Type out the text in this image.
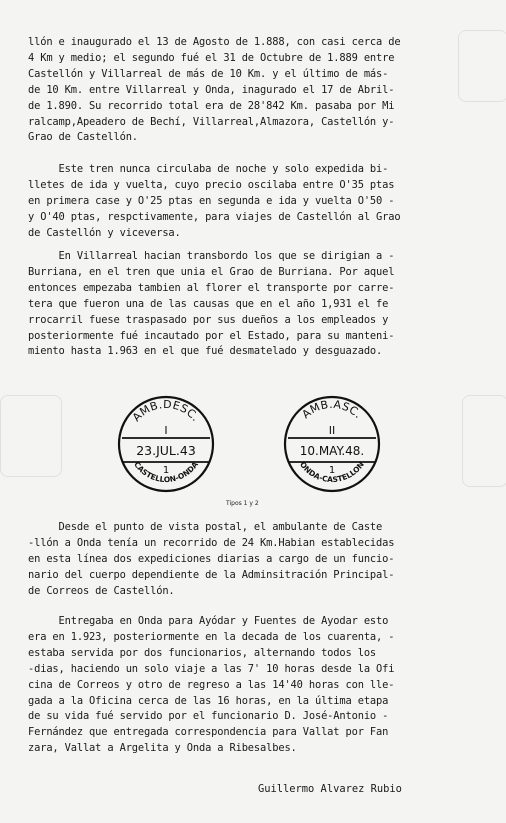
llón e inaugurado el 13 de Agosto de 1.888, con casi cerca de
4 Km y medio; el segundo fué el 31 de Octubre de 1.889 entre
Castellón y Villarreal de más de 10 Km. y el último de más-
de 10 Km. entre Villarreal y Onda, inagurado el 17 de Abril-
de 1.890. Su recorrido total era de 28'842 Km. pasaba por Mi
ralcamp,Apeadero de Bechí, Villarreal,Almazora, Castellón y-
Grao de Castellón.
Este tren nunca circulaba de noche y solo expedida bi-
lletes de ida y vuelta, cuyo precio oscilaba entre O'35 ptas
en primera case y O'25 ptas en segunda e ida y vuelta O'50 -
y O'40 ptas, respctivamente, para viajes de Castellón al Grao
de Castellón y viceversa.
En Villarreal hacian transbordo los que se dirigian a -
Burriana, en el tren que unia el Grao de Burriana. Por aquel
entonces empezaba tambien al florer el transporte por carre-
tera que fueron una de las causas que en el año 1,931 el fe
rrocarril fuese traspasado por sus dueños a los empleados y
posteriormente fué incautado por el Estado, para su manteni-
miento hasta 1.963 en el que fué desmatelado y desguazado.
AMB.DESC.
I
23.JUL.43
1
CASTELLON-ONDA
AMB.ASC.
II
10.MAY.48.
1
ONDA-CASTELLON
Tipos 1 y 2
Desde el punto de vista postal, el ambulante de Caste
-llón a Onda tenía un recorrido de 24 Km.Habian establecidas
en esta línea dos expediciones diarias a cargo de un funcio-
nario del cuerpo dependiente de la Adminsitración Principal-
de Correos de Castellón.
Entregaba en Onda para Ayódar y Fuentes de Ayodar esto
era en 1.923, posteriormente en la decada de los cuarenta, -
estaba servida por dos funcionarios, alternando todos los
-dias, haciendo un solo viaje a las 7' 10 horas desde la Ofi
cina de Correos y otro de regreso a las 14'40 horas con lle-
gada a la Oficina cerca de las 16 horas, en la última etapa
de su vida fué servido por el funcionario D. José-Antonio -
Fernández que entregada correspondencia para Vallat por Fan
zara, Vallat a Argelita y Onda a Ribesalbes.
Guillermo Alvarez Rubio
